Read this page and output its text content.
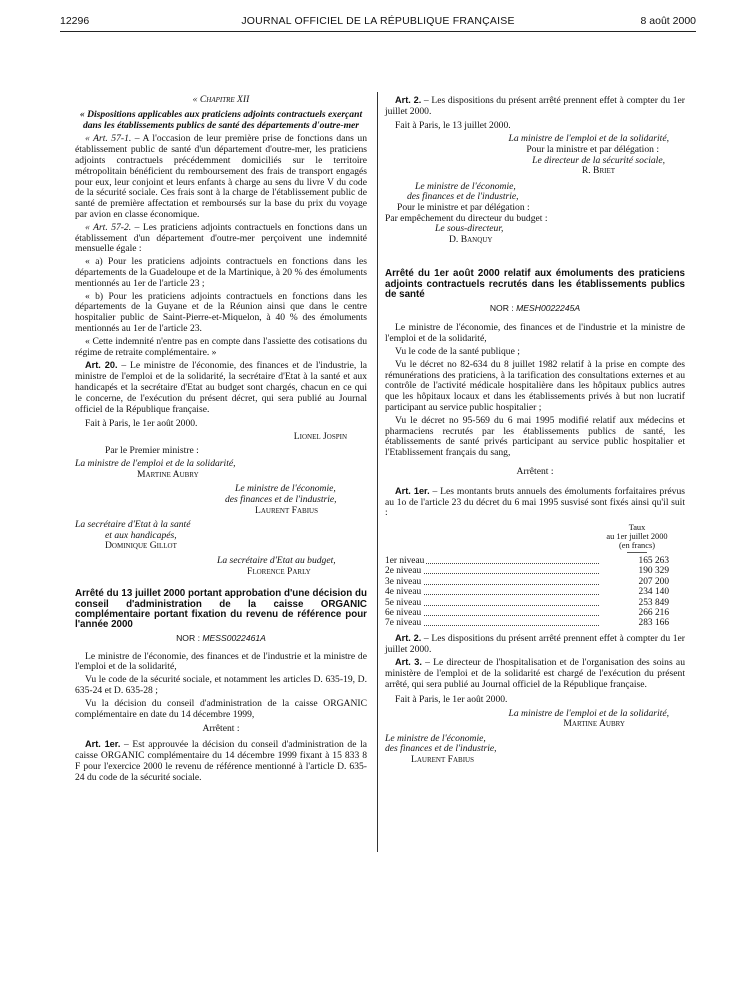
12296	JOURNAL OFFICIEL DE LA RÉPUBLIQUE FRANÇAISE	8 août 2000

« Chapitre XII

« Dispositions applicables aux praticiens adjoints contractuels exerçant dans les établissements publics de santé des départements d'outre-mer

« Art. 57-1. – A l'occasion de leur première prise de fonctions dans un établissement public de santé d'un département d'outre-mer, les praticiens adjoints contractuels précédemment domiciliés sur le territoire métropolitain bénéficient du remboursement des frais de transport engagés pour eux, leur conjoint et leurs enfants à charge au sens du livre V du code de la sécurité sociale. Ces frais sont à la charge de l'établissement public de santé de première affectation et remboursés sur la base du prix du voyage par avion en classe économique.

« Art. 57-2. – Les praticiens adjoints contractuels en fonctions dans un établissement d'un département d'outre-mer perçoivent une indemnité mensuelle égale :

« a) Pour les praticiens adjoints contractuels en fonctions dans les départements de la Guadeloupe et de la Martinique, à 20 % des émoluments mentionnés au 1er de l'article 23 ;

« b) Pour les praticiens adjoints contractuels en fonctions dans les départements de la Guyane et de la Réunion ainsi que dans le centre hospitalier public de Saint-Pierre-et-Miquelon, à 40 % des émoluments mentionnés au 1er de l'article 23.

« Cette indemnité n'entre pas en compte dans l'assiette des cotisations du régime de retraite complémentaire. »

Art. 20. – Le ministre de l'économie, des finances et de l'industrie, la ministre de l'emploi et de la solidarité, la secrétaire d'Etat à la santé et aux handicapés et la secrétaire d'Etat au budget sont chargés, chacun en ce qui le concerne, de l'exécution du présent décret, qui sera publié au Journal officiel de la République française.

Fait à Paris, le 1er août 2000.

Lionel Jospin

Par le Premier ministre :

La ministre de l'emploi et de la solidarité,

Martine Aubry

Le ministre de l'économie,

des finances et de l'industrie,

Laurent Fabius

La secrétaire d'Etat à la santé

et aux handicapés,

Dominique Gillot

La secrétaire d'Etat au budget,

Florence Parly

Arrêté du 13 juillet 2000 portant approbation d'une décision du conseil d'administration de la caisse ORGANIC complémentaire portant fixation du revenu de référence pour l'année 2000

NOR : MESS0022461A

Le ministre de l'économie, des finances et de l'industrie et la ministre de l'emploi et de la solidarité,

Vu le code de la sécurité sociale, et notamment les articles D. 635-19, D. 635-24 et D. 635-28 ;

Vu la décision du conseil d'administration de la caisse ORGANIC complémentaire en date du 14 décembre 1999,

Arrêtent :

Art. 1er. – Est approuvée la décision du conseil d'administration de la caisse ORGANIC complémentaire du 14 décembre 1999 fixant à 15 833 8 F pour l'exercice 2000 le revenu de référence mentionné à l'article D. 635-24 du code de la sécurité sociale.

Art. 2. – Les dispositions du présent arrêté prennent effet à compter du 1er juillet 2000.

Fait à Paris, le 13 juillet 2000.

La ministre de l'emploi et de la solidarité,

Pour la ministre et par délégation :

Le directeur de la sécurité sociale,

R. Briet

Le ministre de l'économie,

des finances et de l'industrie,

Pour le ministre et par délégation :

Par empêchement du directeur du budget :

Le sous-directeur,

D. Banquy

Arrêté du 1er août 2000 relatif aux émoluments des praticiens adjoints contractuels recrutés dans les établissements publics de santé

NOR : MESH0022245A

Le ministre de l'économie, des finances et de l'industrie et la ministre de l'emploi et de la solidarité,

Vu le code de la santé publique ;

Vu le décret no 82-634 du 8 juillet 1982 relatif à la prise en compte des rémunérations des praticiens, à la tarification des consultations externes et au contrôle de l'activité médicale hospitalière dans les hôpitaux publics autres que les hôpitaux locaux et dans les établissements privés à but non lucratif participant au service public hospitalier ;

Vu le décret no 95-569 du 6 mai 1995 modifié relatif aux médecins et pharmaciens recrutés par les établissements publics de santé, les établissements de santé privés participant au service public hospitalier et l'Etablissement français du sang,

Arrêtent :

Art. 1er. – Les montants bruts annuels des émoluments forfaitaires prévus au 1o de l'article 23 du décret du 6 mai 1995 susvisé sont fixés ainsi qu'il suit :

Taux
au 1er juillet 2000
(en francs)
1er niveau	165 263
2e niveau	190 329
3e niveau	207 200
4e niveau	234 140
5e niveau	253 849
6e niveau	266 216
7e niveau	283 166

Art. 2. – Les dispositions du présent arrêté prennent effet à compter du 1er juillet 2000.

Art. 3. – Le directeur de l'hospitalisation et de l'organisation des soins au ministère de l'emploi et de la solidarité est chargé de l'exécution du présent arrêté, qui sera publié au Journal officiel de la République française.

Fait à Paris, le 1er août 2000.

La ministre de l'emploi et de la solidarité,

Martine Aubry

Le ministre de l'économie,

des finances et de l'industrie,

Laurent Fabius
